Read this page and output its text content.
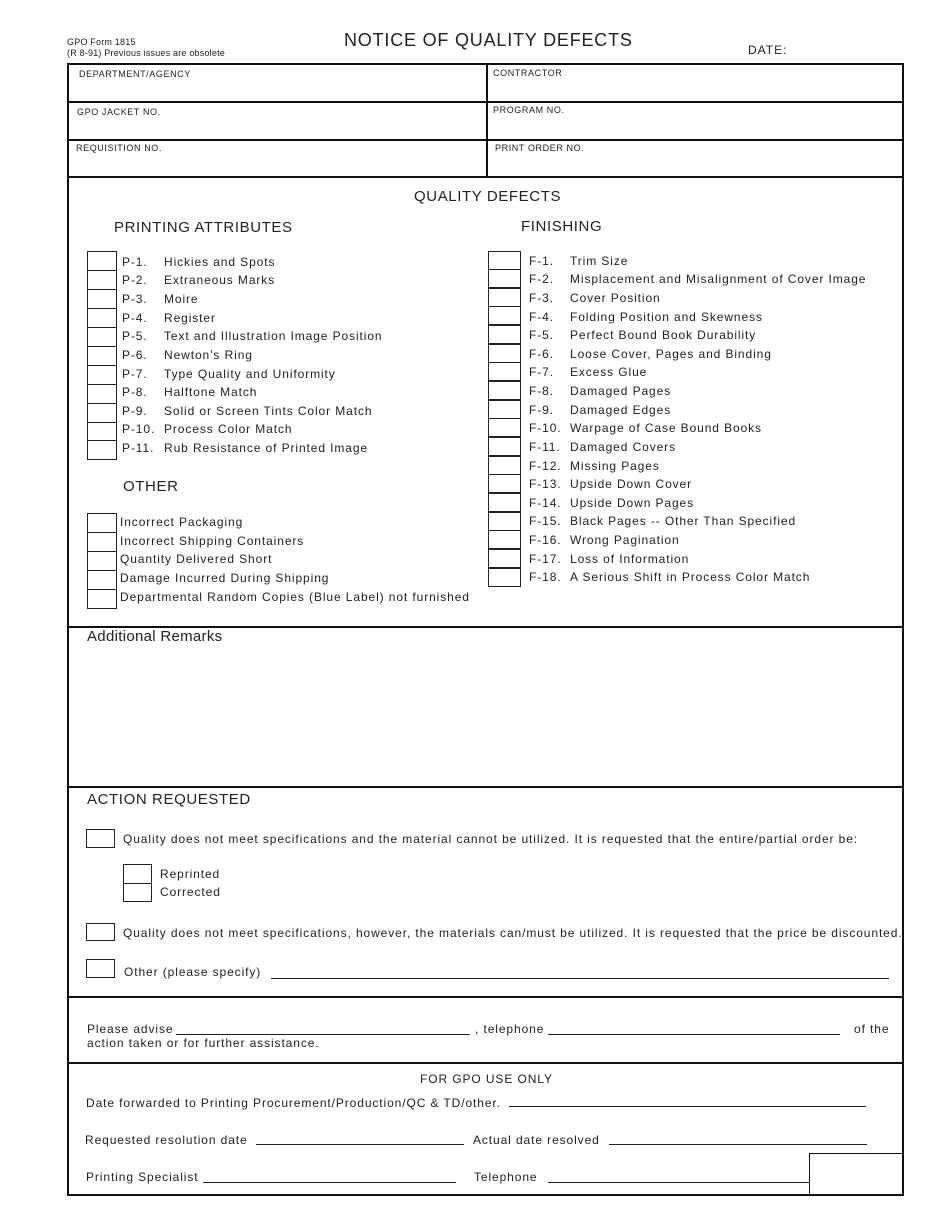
GPO Form 1815
(R 8-91) Previous issues are obsolete
NOTICE OF QUALITY DEFECTS	DATE:
DEPARTMENT/AGENCY	CONTRACTOR
GPO JACKET NO.	PROGRAM NO.
REQUISITION NO.	PRINT ORDER NO.
QUALITY DEFECTS
PRINTING ATTRIBUTES	FINISHING
OTHER
P-1. Hickies and Spots
P-2. Extraneous Marks
P-3. Moire
P-4. Register
P-5. Text and Illustration Image Position
P-6. Newton’s Ring
P-7. Type Quality and Uniformity
P-8. Halftone Match
P-9. Solid or Screen Tints Color Match
P-10. Process Color Match
P-11. Rub Resistance of Printed Image
Incorrect Packaging
Incorrect Shipping Containers
Quantity Delivered Short
Damage Incurred During Shipping
Departmental Random Copies (Blue Label) not furnished
F-1. Trim Size
F-2. Misplacement and Misalignment of Cover Image
F-3. Cover Position
F-4. Folding Position and Skewness
F-5. Perfect Bound Book Durability
F-6. Loose Cover, Pages and Binding
F-7. Excess Glue
F-8. Damaged Pages
F-9. Damaged Edges
F-10. Warpage of Case Bound Books
F-11. Damaged Covers
F-12. Missing Pages
F-13. Upside Down Cover
F-14. Upside Down Pages
F-15. Black Pages -- Other Than Specified
F-16. Wrong Pagination
F-17. Loss of Information
F-18. A Serious Shift in Process Color Match
Additional Remarks
ACTION REQUESTED
Quality does not meet specifications and the material cannot be utilized. It is requested that the entire/partial order be:
Reprinted
Corrected
Quality does not meet specifications, however, the materials can/must be utilized. It is requested that the price be discounted.
Other (please specify)
Please advise	, telephone	of the
action taken or for further assistance.
FOR GPO USE ONLY
Date forwarded to Printing Procurement/Production/QC & TD/other.
Requested resolution date	Actual date resolved
Printing Specialist	Telephone
